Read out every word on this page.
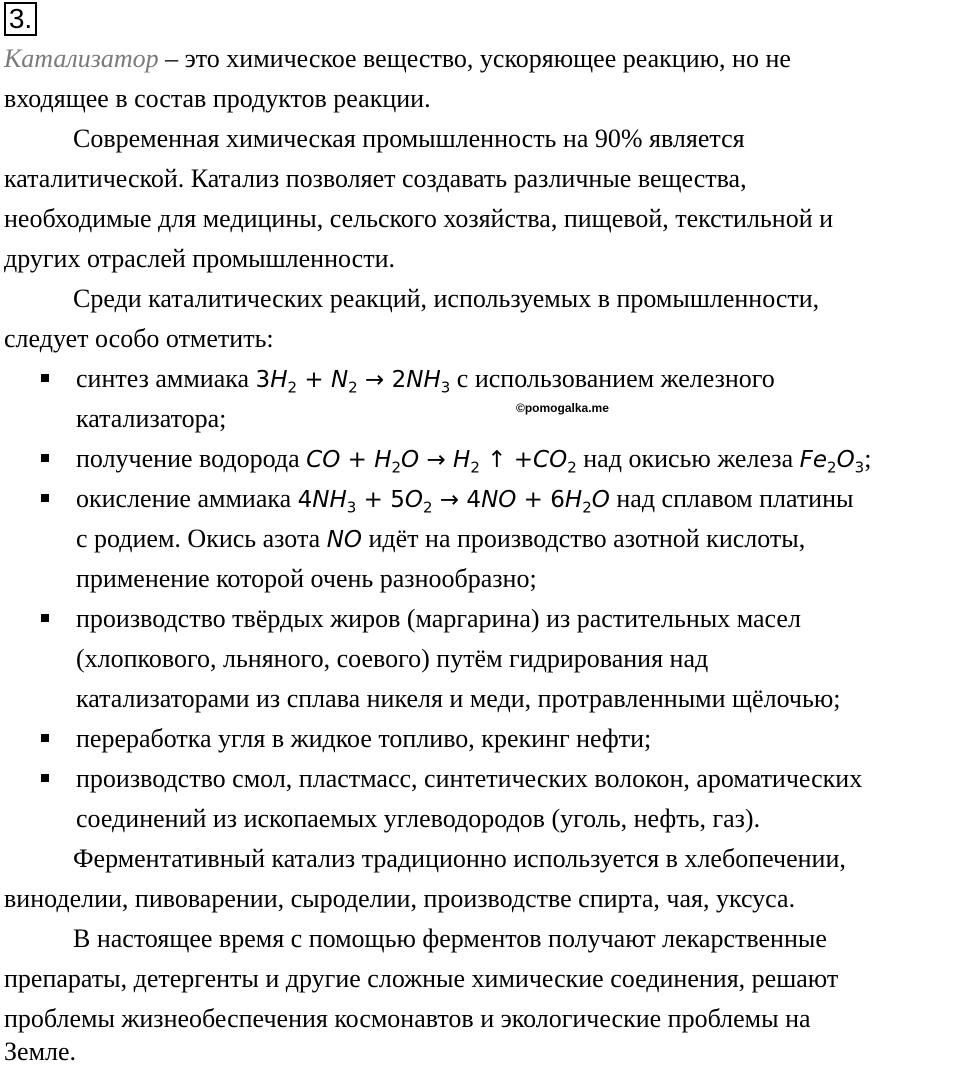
3.
Катализатор – это химическое вещество, ускоряющее реакцию, но не
входящее в состав продуктов реакции.
Современная химическая промышленность на 90% является
каталитической. Катализ позволяет создавать различные вещества,
необходимые для медицины, сельского хозяйства, пищевой, текстильной и
других отраслей промышленности.
Среди каталитических реакций, используемых в промышленности,
следует особо отметить:
синтез аммиака $3H_2 + N_2 \to 2NH_3$ с использованием железного
катализатора;	©pomogalka.me
получение водорода CO + $H_2O \to H_2$ ↑ $+CO_2$ над окисью железа $Fe_2O_3$;
окисление аммиака $4NH_3 + 5O_2 \to 4NO + 6H_2O$ над сплавом платины
с родием. Окись азота NO идёт на производство азотной кислоты,
применение которой очень разнообразно;
производство твёрдых жиров (маргарина) из растительных масел
(хлопкового, льняного, соевого) путём гидрирования над
катализаторами из сплава никеля и меди, протравленными щёлочью;
переработка угля в жидкое топливо, крекинг нефти;
производство смол, пластмасс, синтетических волокон, ароматических
соединений из ископаемых углеводородов (уголь, нефть, газ).
Ферментативный катализ традиционно используется в хлебопечении,
виноделии, пивоварении, сыроделии, производстве спирта, чая, уксуса.
В настоящее время с помощью ферментов получают лекарственные
препараты, детергенты и другие сложные химические соединения, решают
проблемы жизнеобеспечения космонавтов и экологические проблемы на
Земле.
